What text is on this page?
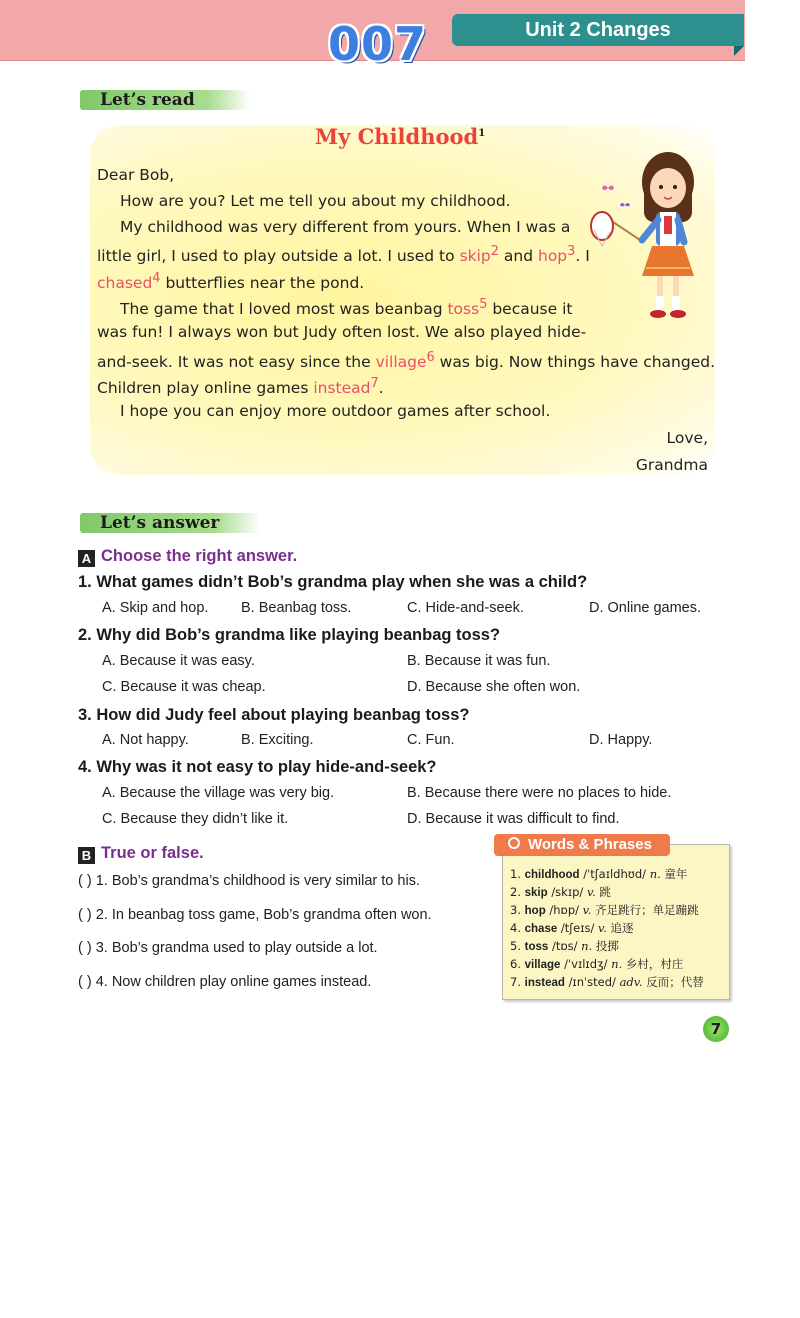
007	Unit 2 Changes
Let’s read
My Childhood$^1$
Dear Bob,
How are you? Let me tell you about my childhood.
My childhood was very different from yours. When I was a
little girl, I used to play outside a lot. I used to skip$^2$ and hop$^3$. I
chased$^4$ butterflies near the pond.
The game that I loved most was beanbag toss$^5$ because it
was fun! I always won but Judy often lost. We also played hide-
and-seek. It was not easy since the village$^6$ was big. Now things have changed.
Children play online games instead$^7$.
I hope you can enjoy more outdoor games after school.
Love,
Grandma
Let’s answer
A Choose the right answer.
1. What games didn’t Bob’s grandma play when she was a child?
A. Skip and hop. B. Beanbag toss.	C. Hide-and-seek.	D. Online games.
2. Why did Bob’s grandma like playing beanbag toss?
A. Because it was easy.	B. Because it was fun.
C. Because it was cheap.	D. Because she often won.
3. How did Judy feel about playing beanbag toss?
A. Not happy.	B. Exciting.	C. Fun.	D. Happy.
4. Why was it not easy to play hide-and-seek?
A. Because the village was very big.	B. Because there were no places to hide.
C. Because they didn’t like it.	D. Because it was difficult to find.
B True or false.
( ) 1. Bob’s grandma’s childhood is very similar to his.
( ) 2. In beanbag toss game, Bob’s grandma often won.
( ) 3. Bob’s grandma used to play outside a lot.
( ) 4. Now children play online games instead.
Words & Phrases
1. childhood /ˈtʃaɪldhʊd/ n. 童年
2. skip /skɪp/ v. 跳
3. hop /hɒp/ v. 齐足跳行；单足蹦跳
4. chase /tʃeɪs/ v. 追逐
5. toss /tɒs/ n. 投掷
6. village /ˈvɪlɪdʒ/ n. 乡村，村庄
7. instead /ɪnˈsted/ adv. 反而；代替
7
